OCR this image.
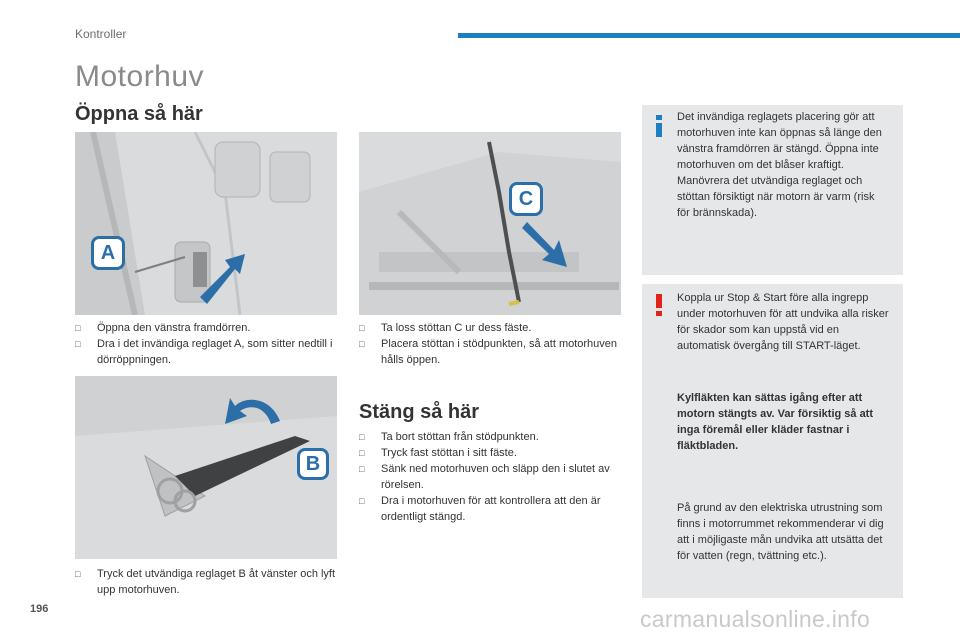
Kontroller
Motorhuv
Öppna så här
A
C
□ Öppna den vänstra framdörren.
□ Dra i det invändiga reglaget A, som sitter nedtill i dörröppningen.
□ Ta loss stöttan C ur dess fäste.
□ Placera stöttan i stödpunkten, så att motorhuven hålls öppen.
B
□ Tryck det utvändiga reglaget B åt vänster och lyft upp motorhuven.
Stäng så här
□ Ta bort stöttan från stödpunkten.
□ Tryck fast stöttan i sitt fäste.
□ Sänk ned motorhuven och släpp den i slutet av rörelsen.
□ Dra i motorhuven för att kontrollera att den är ordentligt stängd.
Det invändiga reglagets placering gör att motorhuven inte kan öppnas så länge den vänstra framdörren är stängd. Öppna inte motorhuven om det blåser kraftigt. Manövrera det utvändiga reglaget och stöttan försiktigt när motorn är varm (risk för brännskada).
Koppla ur Stop & Start före alla ingrepp under motorhuven för att undvika alla risker för skador som kan uppstå vid en automatisk övergång till START-läget.
Kylfläkten kan sättas igång efter att motorn stängts av. Var försiktig så att inga föremål eller kläder fastnar i fläktbladen.
På grund av den elektriska utrustning som finns i motorrummet rekommenderar vi dig att i möjligaste mån undvika att utsätta det för vatten (regn, tvättning etc.).
196	carmanualsonline.info
